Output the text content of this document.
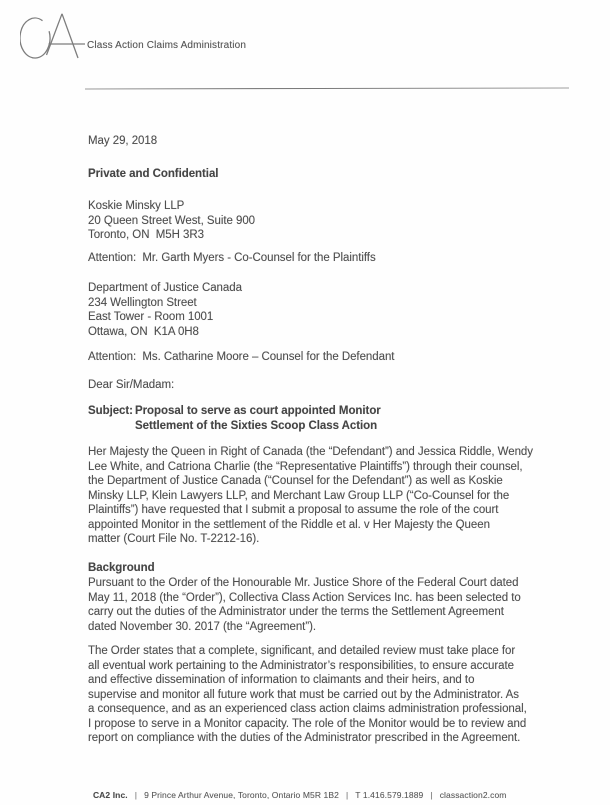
Class Action Claims Administration
May 29, 2018
Private and Confidential
Koskie Minsky LLP
20 Queen Street West, Suite 900
Toronto, ON  M5H 3R3
Attention:  Mr. Garth Myers - Co-Counsel for the Plaintiffs
Department of Justice Canada
234 Wellington Street
East Tower - Room 1001
Ottawa, ON  K1A 0H8
Attention:  Ms. Catharine Moore – Counsel for the Defendant
Dear Sir/Madam:
Subject: Proposal to serve as court appointed Monitor
Settlement of the Sixties Scoop Class Action
Her Majesty the Queen in Right of Canada (the “Defendant”) and Jessica Riddle, Wendy
Lee White, and Catriona Charlie (the “Representative Plaintiffs”) through their counsel,
the Department of Justice Canada (“Counsel for the Defendant”) as well as Koskie
Minsky LLP, Klein Lawyers LLP, and Merchant Law Group LLP (“Co-Counsel for the
Plaintiffs”) have requested that I submit a proposal to assume the role of the court
appointed Monitor in the settlement of the Riddle et al. v Her Majesty the Queen
matter (Court File No. T-2212-16).
Background
Pursuant to the Order of the Honourable Mr. Justice Shore of the Federal Court dated
May 11, 2018 (the “Order”), Collectiva Class Action Services Inc. has been selected to
carry out the duties of the Administrator under the terms the Settlement Agreement
dated November 30. 2017 (the “Agreement”).
The Order states that a complete, significant, and detailed review must take place for
all eventual work pertaining to the Administrator’s responsibilities, to ensure accurate
and effective dissemination of information to claimants and their heirs, and to
supervise and monitor all future work that must be carried out by the Administrator. As
a consequence, and as an experienced class action claims administration professional,
I propose to serve in a Monitor capacity. The role of the Monitor would be to review and
report on compliance with the duties of the Administrator prescribed in the Agreement.

CA2 Inc. | 9 Prince Arthur Avenue, Toronto, Ontario M5R 1B2 | T 1.416.579.1889 | classaction2.com
